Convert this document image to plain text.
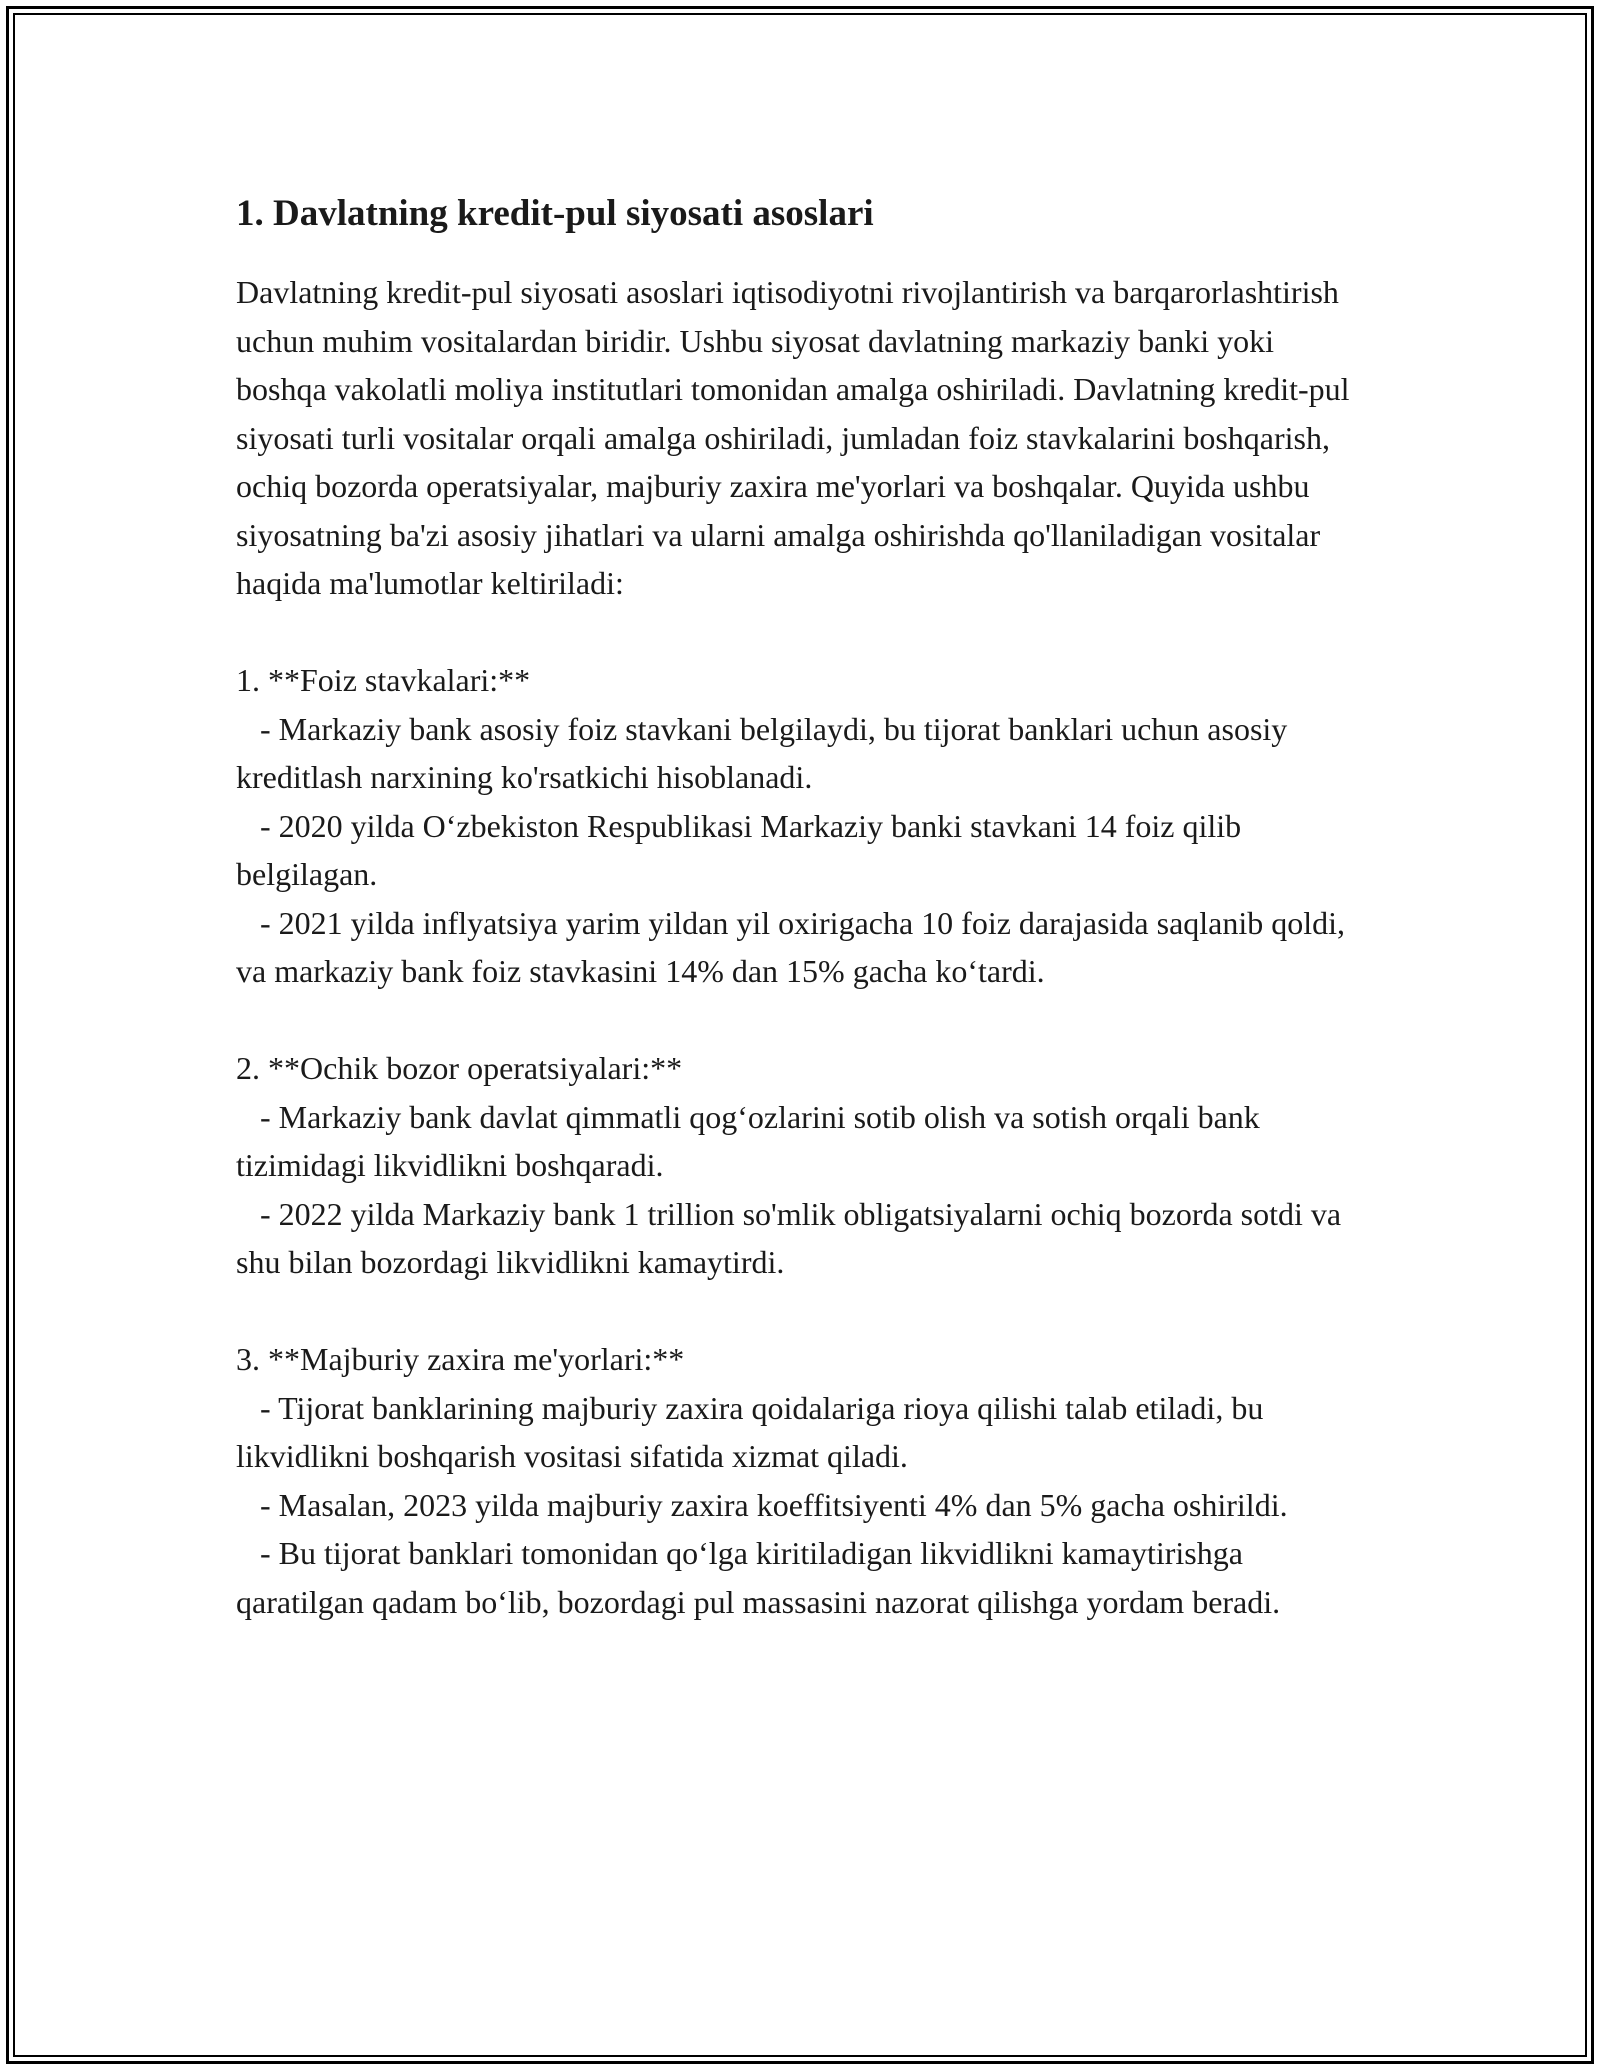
1. Davlatning kredit-pul siyosati asoslari

Davlatning kredit-pul siyosati asoslari iqtisodiyotni rivojlantirish va barqarorlashtirish uchun muhim vositalardan biridir. Ushbu siyosat davlatning markaziy banki yoki boshqa vakolatli moliya institutlari tomonidan amalga oshiriladi. Davlatning kredit-pul siyosati turli vositalar orqali amalga oshiriladi, jumladan foiz stavkalarini boshqarish, ochiq bozorda operatsiyalar, majburiy zaxira me'yorlari va boshqalar. Quyida ushbu siyosatning ba'zi asosiy jihatlari va ularni amalga oshirishda qo'llaniladigan vositalar haqida ma'lumotlar keltiriladi:

1. **Foiz stavkalari:**
- Markaziy bank asosiy foiz stavkani belgilaydi, bu tijorat banklari uchun asosiy kreditlash narxining ko'rsatkichi hisoblanadi.
- 2020 yilda O‘zbekiston Respublikasi Markaziy banki stavkani 14 foiz qilib belgilagan.
- 2021 yilda inflyatsiya yarim yildan yil oxirigacha 10 foiz darajasida saqlanib qoldi, va markaziy bank foiz stavkasini 14% dan 15% gacha ko‘tardi.

2. **Ochik bozor operatsiyalari:**
- Markaziy bank davlat qimmatli qog‘ozlarini sotib olish va sotish orqali bank tizimidagi likvidlikni boshqaradi.
- 2022 yilda Markaziy bank 1 trillion so'mlik obligatsiyalarni ochiq bozorda sotdi va shu bilan bozordagi likvidlikni kamaytirdi.

3. **Majburiy zaxira me'yorlari:**
- Tijorat banklarining majburiy zaxira qoidalariga rioya qilishi talab etiladi, bu likvidlikni boshqarish vositasi sifatida xizmat qiladi.
- Masalan, 2023 yilda majburiy zaxira koeffitsiyenti 4% dan 5% gacha oshirildi.
- Bu tijorat banklari tomonidan qo‘lga kiritiladigan likvidlikni kamaytirishga qaratilgan qadam bo‘lib, bozordagi pul massasini nazorat qilishga yordam beradi.
